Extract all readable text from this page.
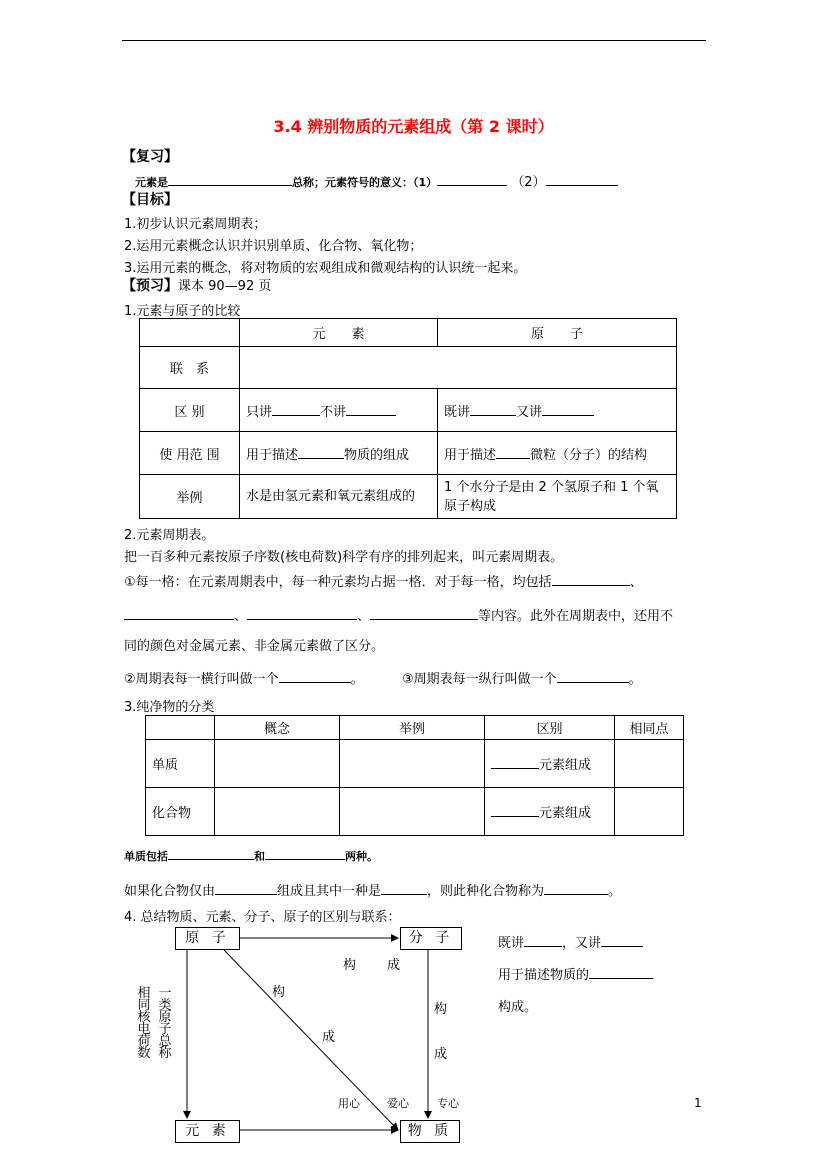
3.4 辨别物质的元素组成（第 2 课时）
【复习】
元素是	总称；元素符号的意义：（1）	（2）
【目标】
1.初步认识元素周期表；
2.运用元素概念认识并识别单质、化合物、氧化物；
3.运用元素的概念，将对物质的宏观组成和微观结构的认识统一起来。
【预习】课本 90—92 页
1.元素与原子的比较
	元　　素	原　　子
联　系		
区 别	只讲 不讲	既讲 又讲
使 用范 围	用于描述 物质的组成	用于描述 微粒（分子）的结构
举例	水是由氢元素和氧元素组成的	1 个水分子是由 2 个氢原子和 1 个氧原子构成
2.元素周期表。
把一百多种元素按原子序数(核电荷数)科学有序的排列起来，叫元素周期表。
①每一格：在元素周期表中，每一种元素均占据一格．对于每一格，均包括	、
、	、	等内容。此外在周期表中，还用不
同的颜色对金属元素、非金属元素做了区分。
②周期表每一横行叫做一个	。	③周期表每一纵行叫做一个	。
3.纯净物的分类
	概念	举例	区别	相同点
单质			元素组成	
化合物			元素组成	
单质包括	和	两种。
如果化合物仅由	组成且其中一种是	，则此种化合物称为	。
4. 总结物质、元素、分子、原子的区别与联系：
原 子	分 子
元 素	物 质
构 成
构
成
构
成
相同核电荷数
一类原子总称
用心 爱心	专心
既讲	，又讲
用于描述物质的
构成。
1
